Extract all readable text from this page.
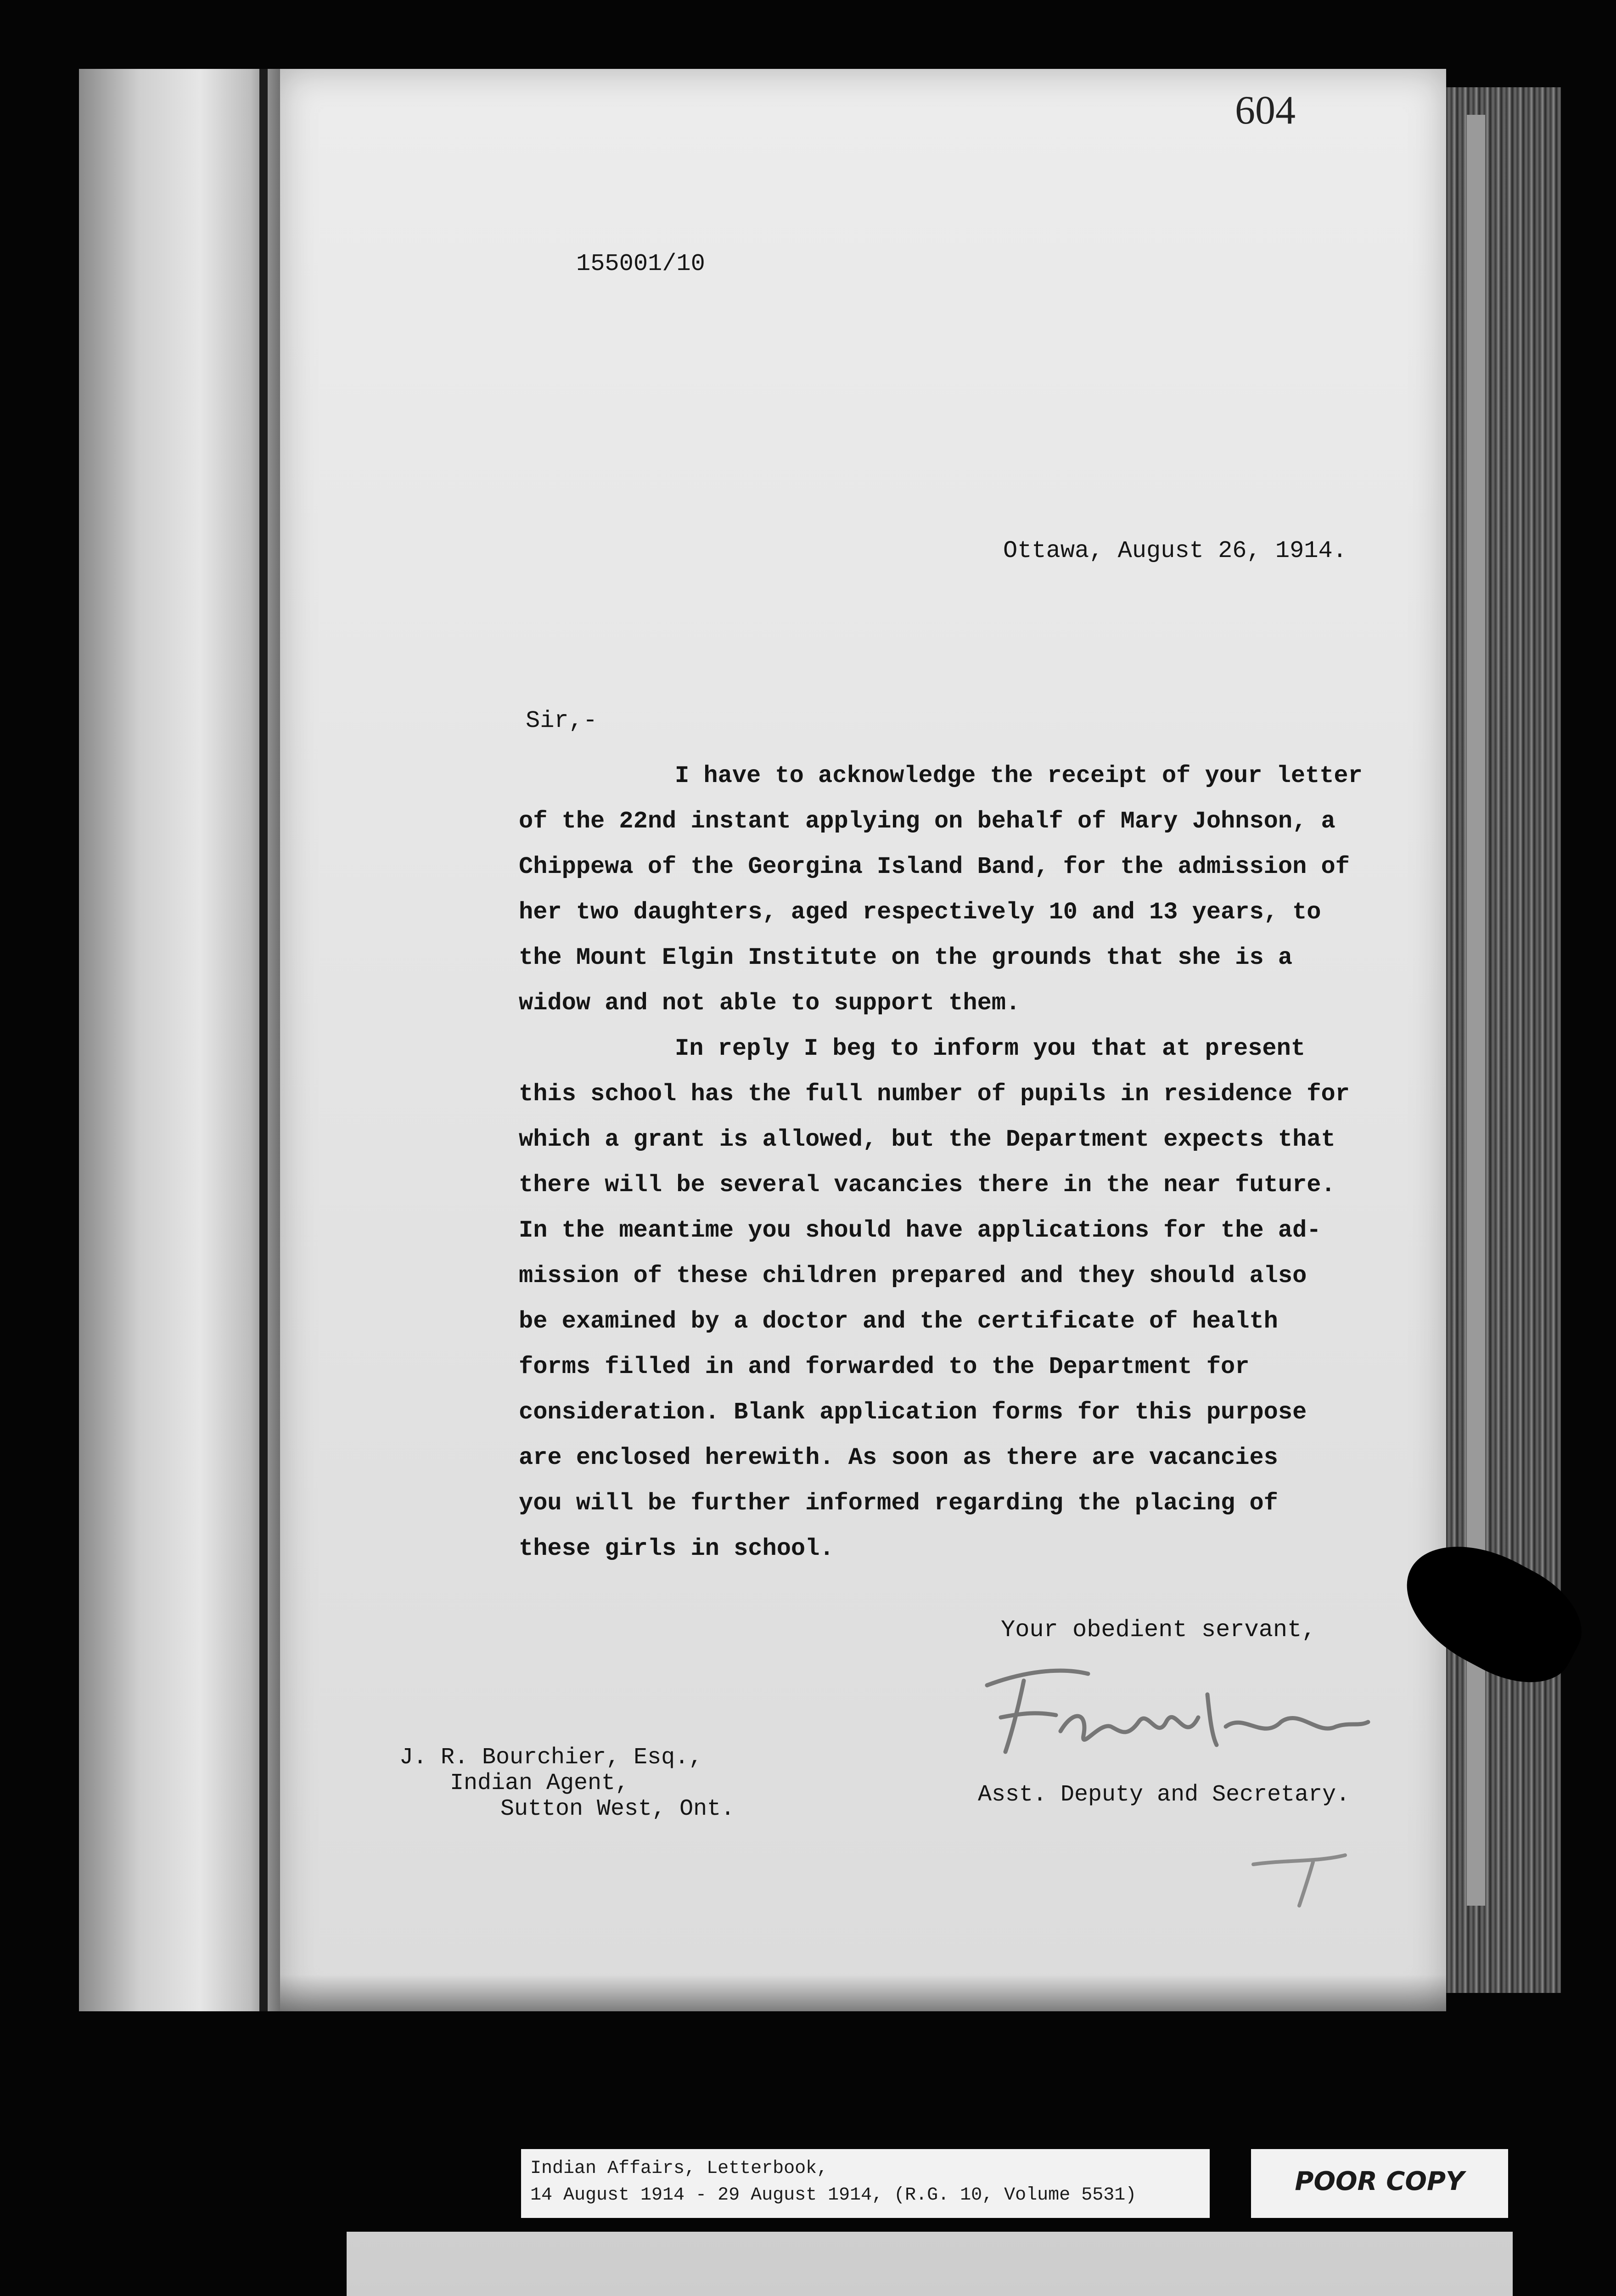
604
155001/10
Ottawa, August 26, 1914.
Sir,-
I have to acknowledge the receipt of your letter
of the 22nd instant applying on behalf of Mary Johnson, a
Chippewa of the Georgina Island Band, for the admission of
her two daughters, aged respectively 10 and 13 years, to
the Mount Elgin Institute on the grounds that she is a
widow and not able to support them.
In reply I beg to inform you that at present
this school has the full number of pupils in residence for
which a grant is allowed, but the Department expects that
there will be several vacancies there in the near future.
In the meantime you should have applications for the ad-
mission of these children prepared and they should also
be examined by a doctor and the certificate of health
forms filled in and forwarded to the Department for
consideration. Blank application forms for this purpose
are enclosed herewith. As soon as there are vacancies
you will be further informed regarding the placing of
these girls in school.
Your obedient servant,
J. R. Bourchier, Esq.,
Indian Agent,
Sutton West, Ont.
Asst. Deputy and Secretary.
Indian Affairs, Letterbook,
14 August 1914 - 29 August 1914, (R.G. 10, Volume 5531)	POOR COPY
